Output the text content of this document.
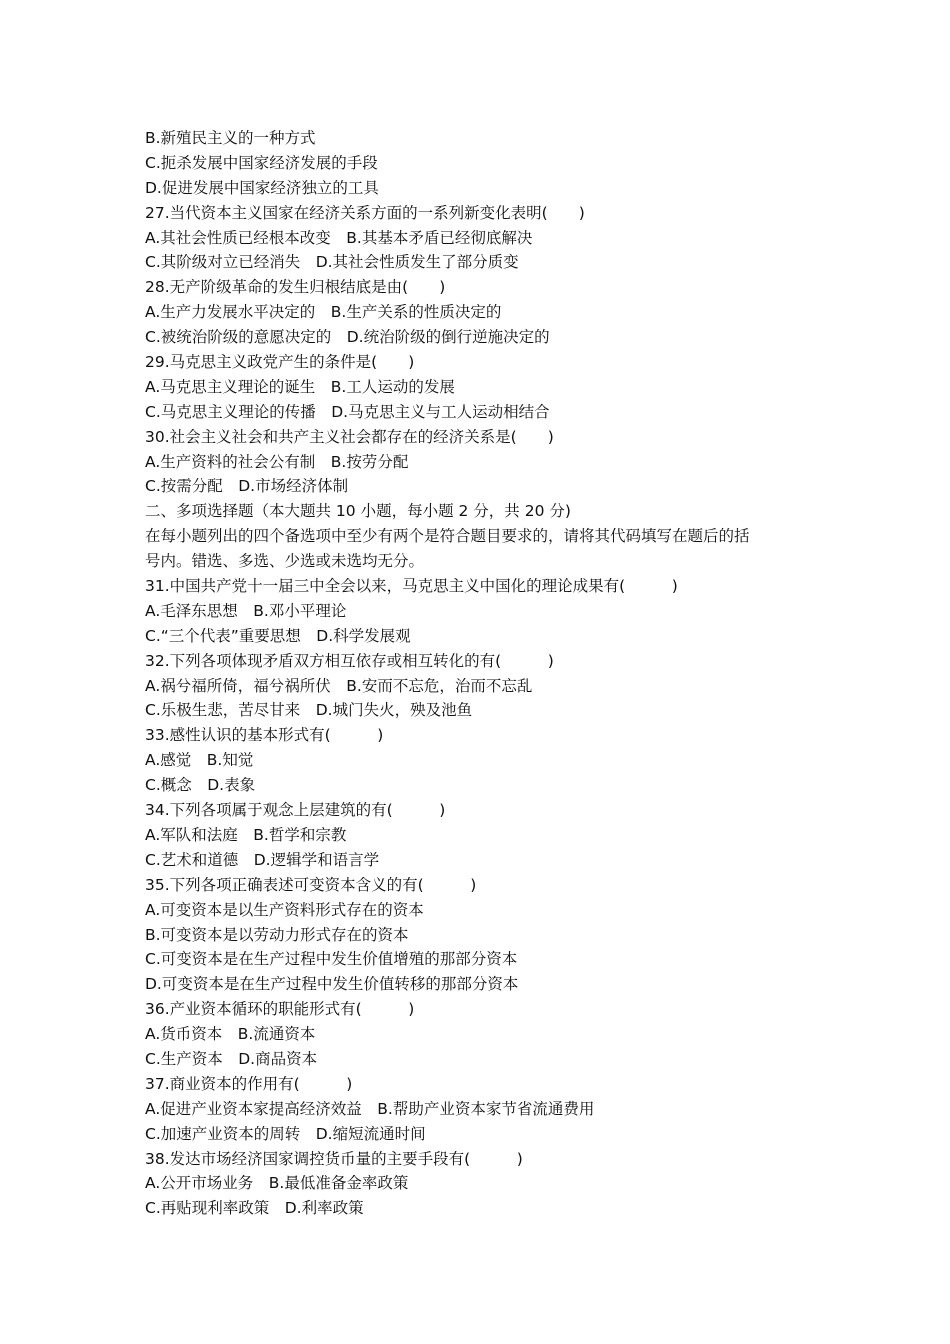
B.新殖民主义的一种方式
C.扼杀发展中国家经济发展的手段
D.促进发展中国家经济独立的工具
27.当代资本主义国家在经济关系方面的一系列新变化表明(　　)
A.其社会性质已经根本改变　B.其基本矛盾已经彻底解决
C.其阶级对立已经消失　D.其社会性质发生了部分质变
28.无产阶级革命的发生归根结底是由(　　)
A.生产力发展水平决定的　B.生产关系的性质决定的
C.被统治阶级的意愿决定的　D.统治阶级的倒行逆施决定的
29.马克思主义政党产生的条件是(　　)
A.马克思主义理论的诞生　B.工人运动的发展
C.马克思主义理论的传播　D.马克思主义与工人运动相结合
30.社会主义社会和共产主义社会都存在的经济关系是(　　)
A.生产资料的社会公有制　B.按劳分配
C.按需分配　D.市场经济体制
二、多项选择题（本大题共 10 小题，每小题 2 分，共 20 分)
在每小题列出的四个备选项中至少有两个是符合题目要求的，请将其代码填写在题后的括
号内。错选、多选、少选或未选均无分。
31.中国共产党十一届三中全会以来，马克思主义中国化的理论成果有(　　　)
A.毛泽东思想　B.邓小平理论
C.“三个代表”重要思想　D.科学发展观
32.下列各项体现矛盾双方相互依存或相互转化的有(　　　)
A.祸兮福所倚，福兮祸所伏　B.安而不忘危，治而不忘乱
C.乐极生悲，苦尽甘来　D.城门失火，殃及池鱼
33.感性认识的基本形式有(　　　)
A.感觉　B.知觉
C.概念　D.表象
34.下列各项属于观念上层建筑的有(　　　)
A.军队和法庭　B.哲学和宗教
C.艺术和道德　D.逻辑学和语言学
35.下列各项正确表述可变资本含义的有(　　　)
A.可变资本是以生产资料形式存在的资本
B.可变资本是以劳动力形式存在的资本
C.可变资本是在生产过程中发生价值增殖的那部分资本
D.可变资本是在生产过程中发生价值转移的那部分资本
36.产业资本循环的职能形式有(　　　)
A.货币资本　B.流通资本
C.生产资本　D.商品资本
37.商业资本的作用有(　　　)
A.促进产业资本家提高经济效益　B.帮助产业资本家节省流通费用
C.加速产业资本的周转　D.缩短流通时间
38.发达市场经济国家调控货币量的主要手段有(　　　)
A.公开市场业务　B.最低准备金率政策
C.再贴现利率政策　D.利率政策
